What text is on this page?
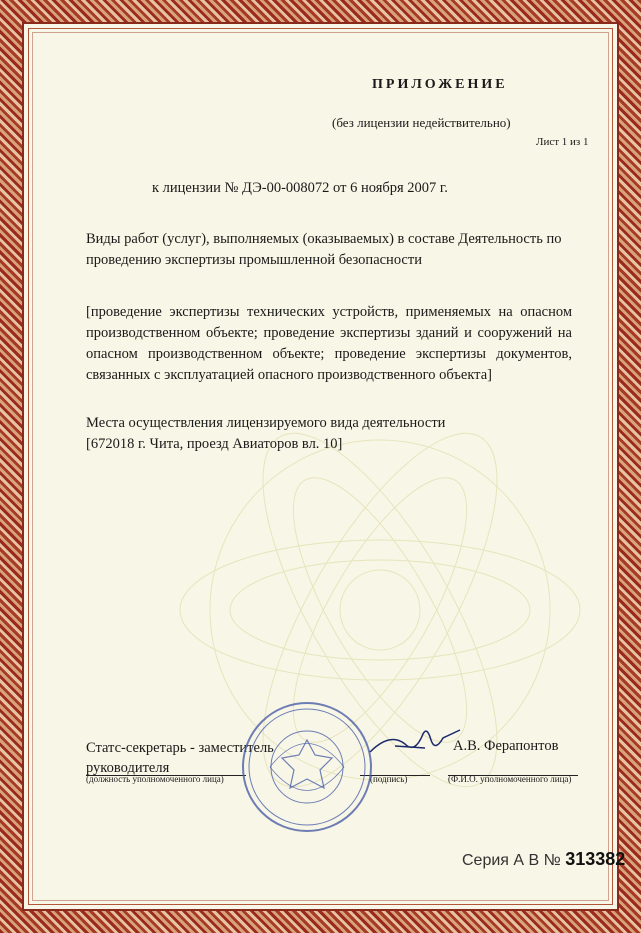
ПРИЛОЖЕНИЕ
(без лицензии недействительно)
Лист 1 из 1
к лицензии № ДЭ-00-008072 от 6 ноября 2007 г.
Виды работ (услуг), выполняемых (оказываемых) в составе Деятельность по проведению экспертизы промышленной безопасности
[проведение экспертизы технических устройств, применяемых на опасном производственном объекте; проведение экспертизы зданий и сооружений на опасном производственном объекте; проведение экспертизы документов, связанных с эксплуатацией опасного производственного объекта]
Места осуществления лицензируемого вида деятельности
[672018 г. Чита, проезд Авиаторов вл. 10]
Статс-секретарь - заместитель
руководителя
(должность уполномоченного лица)	(подпись)	(Ф.И.О. уполномоченного лица)
А.В. Ферапонтов
Серия А В № 313382
